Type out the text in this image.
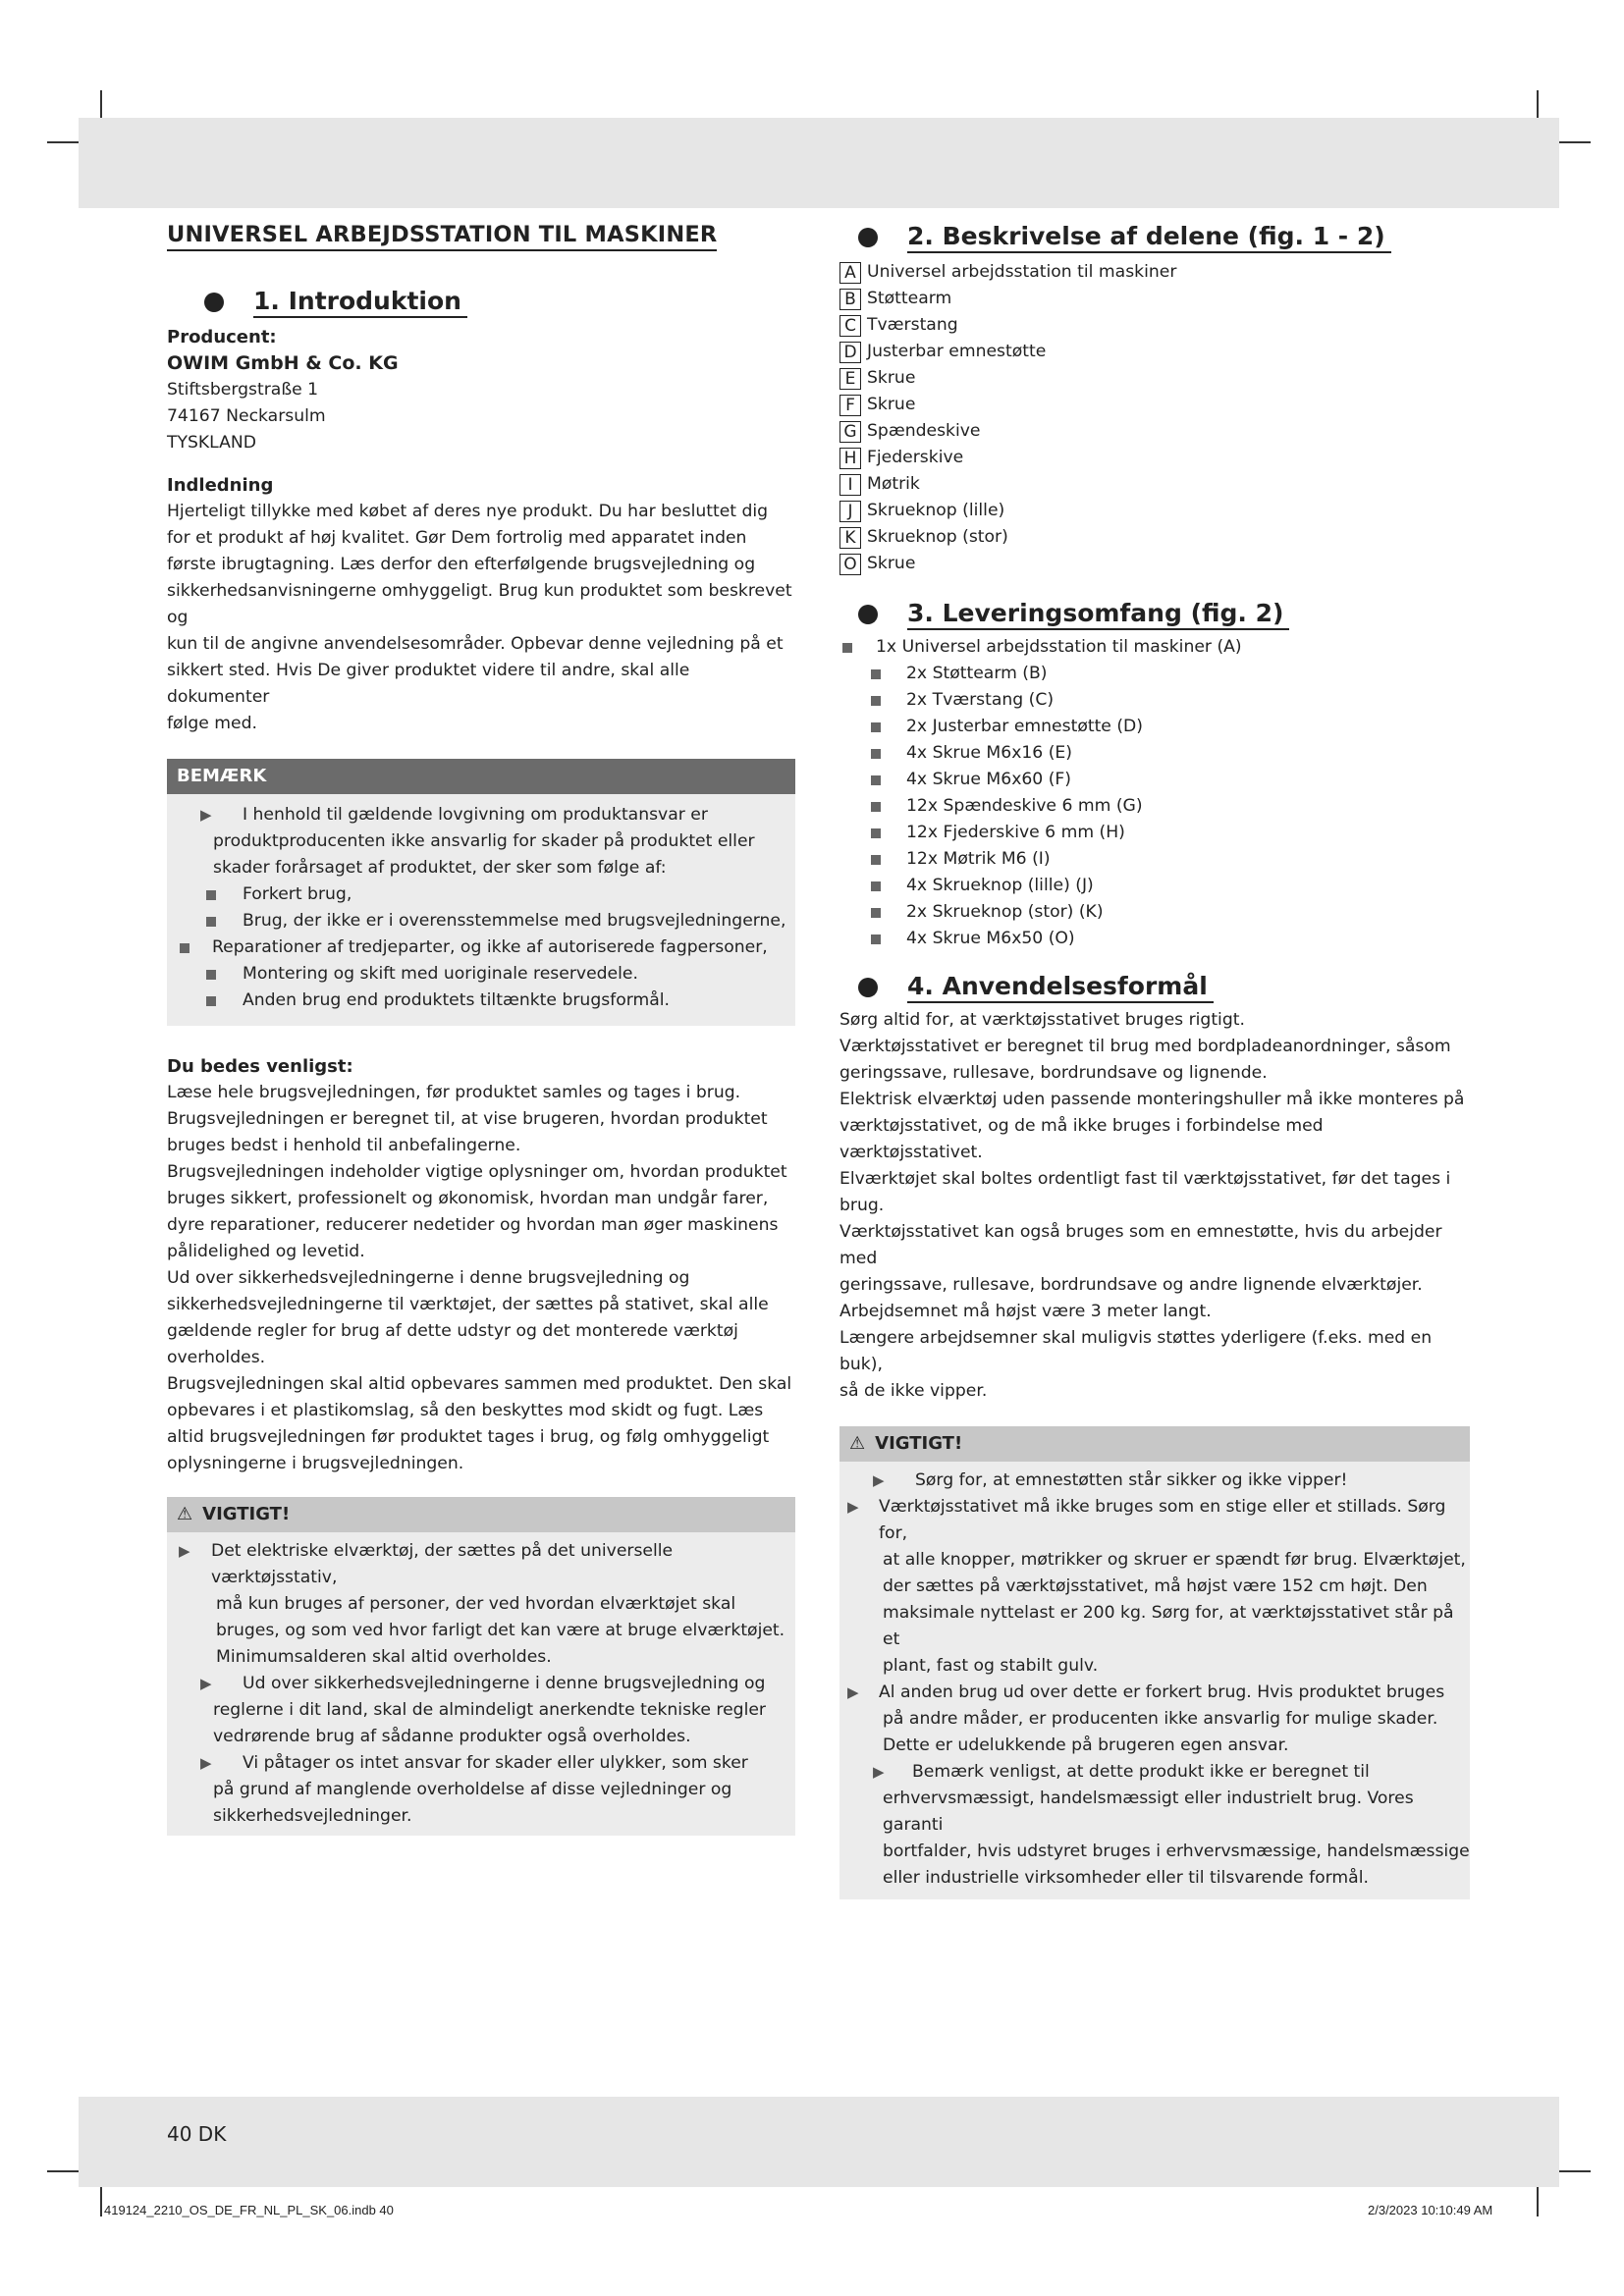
UNIVERSEL ARBEJDSSTATION TIL MASKINER
1. Introduktion

Producent:

OWIM GmbH & Co. KG

Stiftsbergstraße 1

74167 Neckarsulm

TYSKLAND

Indledning

Hjerteligt tillykke med købet af deres nye produkt. Du har besluttet dig

for et produkt af høj kvalitet. Gør Dem fortrolig med apparatet inden

første ibrugtagning. Læs derfor den efterfølgende brugsvejledning og

sikkerhedsanvisningerne omhyggeligt. Brug kun produktet som beskrevet og

kun til de angivne anvendelsesområder. Opbevar denne vejledning på et

sikkert sted. Hvis De giver produktet videre til andre, skal alle dokumenter

følge med.

BEMÆRK
▶	I henhold til gældende lovgivning om produktansvar er
produktproducenten ikke ansvarlig for skader på produktet eller
skader forårsaget af produktet, der sker som følge af:
Forkert brug,
Brug, der ikke er i overensstemmelse med brugsvejledningerne,
Reparationer af tredjeparter, og ikke af autoriserede fagpersoner,
Montering og skift med uoriginale reservedele.
Anden brug end produktets tiltænkte brugsformål.

Du bedes venligst:

Læse hele brugsvejledningen, før produktet samles og tages i brug.

Brugsvejledningen er beregnet til, at vise brugeren, hvordan produktet

bruges bedst i henhold til anbefalingerne.

Brugsvejledningen indeholder vigtige oplysninger om, hvordan produktet

bruges sikkert, professionelt og økonomisk, hvordan man undgår farer,

dyre reparationer, reducerer nedetider og hvordan man øger maskinens

pålidelighed og levetid.

Ud over sikkerhedsvejledningerne i denne brugsvejledning og

sikkerhedsvejledningerne til værktøjet, der sættes på stativet, skal alle

gældende regler for brug af dette udstyr og det monterede værktøj

overholdes.

Brugsvejledningen skal altid opbevares sammen med produktet. Den skal

opbevares i et plastikomslag, så den beskyttes mod skidt og fugt. Læs

altid brugsvejledningen før produktet tages i brug, og følg omhyggeligt

oplysningerne i brugsvejledningen.

⚠ VIGTIGT!
▶ Det elektriske elværktøj, der sættes på det universelle værktøjsstativ,
må kun bruges af personer, der ved hvordan elværktøjet skal
bruges, og som ved hvor farligt det kan være at bruge elværktøjet.
Minimumsalderen skal altid overholdes.
▶	Ud over sikkerhedsvejledningerne i denne brugsvejledning og
reglerne i dit land, skal de almindeligt anerkendte tekniske regler
vedrørende brug af sådanne produkter også overholdes.
▶	Vi påtager os intet ansvar for skader eller ulykker, som sker
på grund af manglende overholdelse af disse vejledninger og
sikkerhedsvejledninger.
2. Beskrivelse af delene (fig. 1 - 2)
A Universel arbejdsstation til maskiner
B Støttearm
C Tværstang
D Justerbar emnestøtte
E Skrue
F Skrue
G Spændeskive
H Fjederskive
I Møtrik
J Skrueknop (lille)
K Skrueknop (stor)
O Skrue
3. Leveringsomfang (fig. 2)
1x Universel arbejdsstation til maskiner (A)
2x Støttearm (B)
2x Tværstang (C)
2x Justerbar emnestøtte (D)
4x Skrue M6x16 (E)
4x Skrue M6x60 (F)
12x Spændeskive 6 mm (G)
12x Fjederskive 6 mm (H)
12x Møtrik M6 (I)
4x Skrueknop (lille) (J)
2x Skrueknop (stor) (K)
4x Skrue M6x50 (O)
4. Anvendelsesformål

Sørg altid for, at værktøjsstativet bruges rigtigt.

Værktøjsstativet er beregnet til brug med bordpladeanordninger, såsom

geringssave, rullesave, bordrundsave og lignende.

Elektrisk elværktøj uden passende monteringshuller må ikke monteres på

værktøjsstativet, og de må ikke bruges i forbindelse med værktøjsstativet.

Elværktøjet skal boltes ordentligt fast til værktøjsstativet, før det tages i brug.

Værktøjsstativet kan også bruges som en emnestøtte, hvis du arbejder med

geringssave, rullesave, bordrundsave og andre lignende elværktøjer.

Arbejdsemnet må højst være 3 meter langt.

Længere arbejdsemner skal muligvis støttes yderligere (f.eks. med en buk),

så de ikke vipper.

⚠ VIGTIGT!
▶	Sørg for, at emnestøtten står sikker og ikke vipper!
▶ Værktøjsstativet må ikke bruges som en stige eller et stillads. Sørg for,
at alle knopper, møtrikker og skruer er spændt før brug. Elværktøjet,
der sættes på værktøjsstativet, må højst være 152 cm højt. Den
maksimale nyttelast er 200 kg. Sørg for, at værktøjsstativet står på et
plant, fast og stabilt gulv.
▶ Al anden brug ud over dette er forkert brug. Hvis produktet bruges
på andre måder, er producenten ikke ansvarlig for mulige skader.
Dette er udelukkende på brugeren egen ansvar.
▶	Bemærk venligst, at dette produkt ikke er beregnet til
erhvervsmæssigt, handelsmæssigt eller industrielt brug. Vores garanti
bortfalder, hvis udstyret bruges i erhvervsmæssige, handelsmæssige
eller industrielle virksomheder eller til tilsvarende formål.
40 DK
419124_2210_OS_DE_FR_NL_PL_SK_06.indb 40	2/3/2023 10:10:49 AM
